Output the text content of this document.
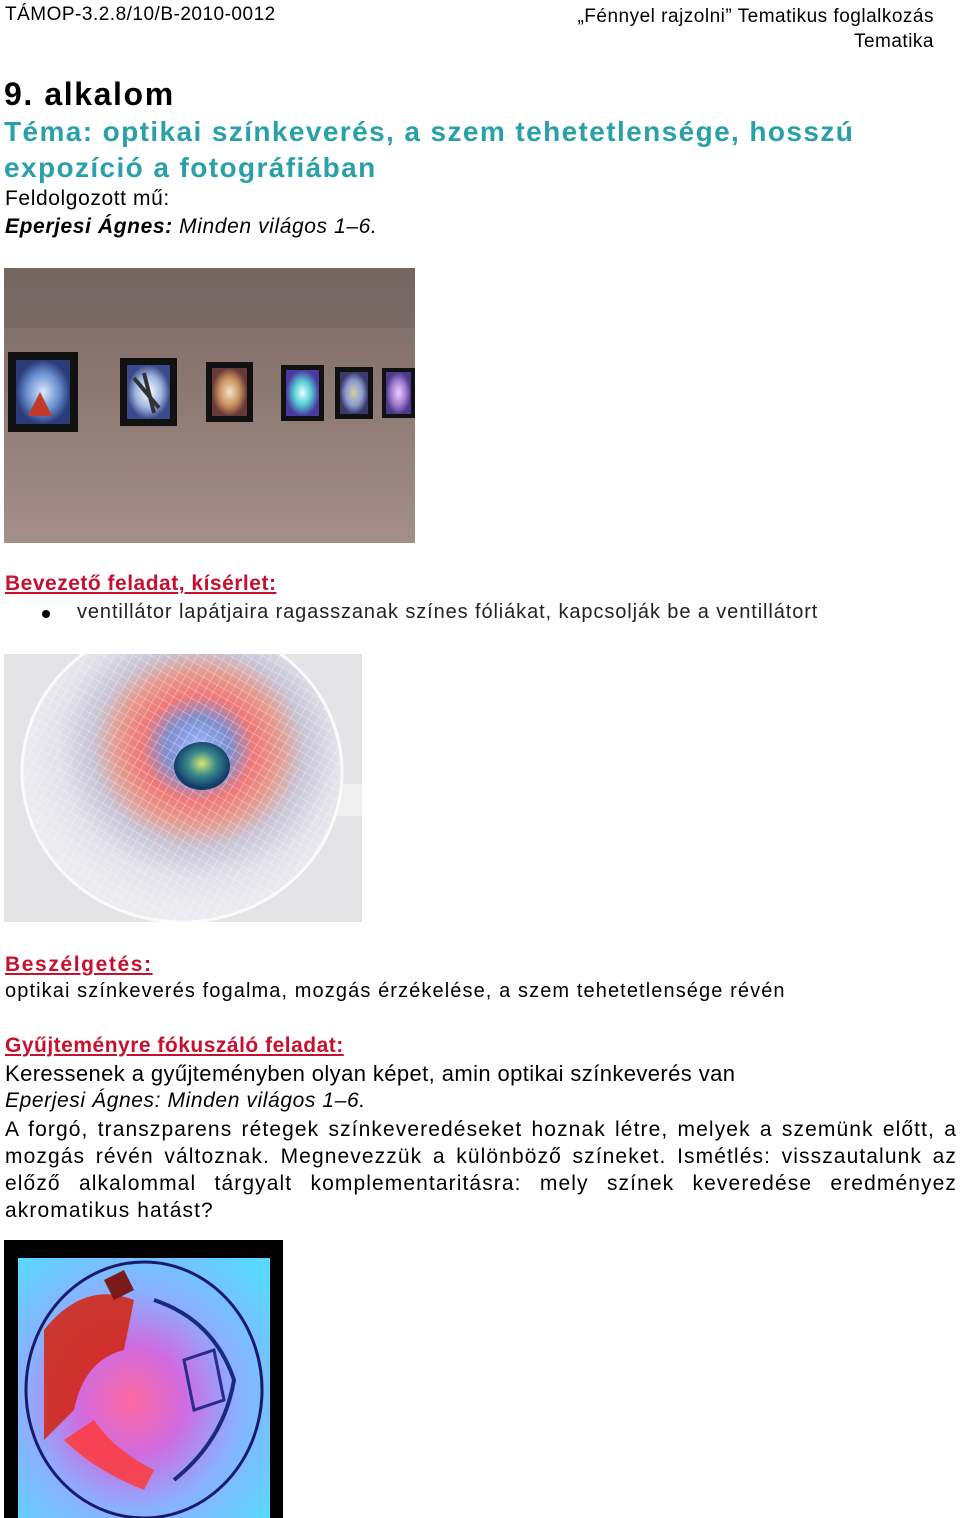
TÁMOP-3.2.8/10/B-2010-0012	„Fénnyel rajzolni” Tematikus foglalkozás
Tematika
9. alkalom
Téma: optikai színkeverés, a szem tehetetlensége, hosszú expozíció a fotográfiában
Feldolgozott mű:
Eperjesi Ágnes: Minden világos 1–6.
Bevezető feladat, kísérlet:
ventillátor lapátjaira ragasszanak színes fóliákat, kapcsolják be a ventillátort
Beszélgetés:
optikai színkeverés fogalma, mozgás érzékelése, a szem tehetetlensége révén
Gyűjteményre fókuszáló feladat:
Keressenek a gyűjteményben olyan képet, amin optikai színkeverés van
Eperjesi Ágnes: Minden világos 1–6.
A forgó, transzparens rétegek színkeveredéseket hoznak létre, melyek a szemünk előtt, a mozgás révén változnak. Megnevezzük a különböző színeket. Ismétlés: visszautalunk az előző alkalommal tárgyalt komplementaritásra: mely színek keveredése eredményez akromatikus hatást?
